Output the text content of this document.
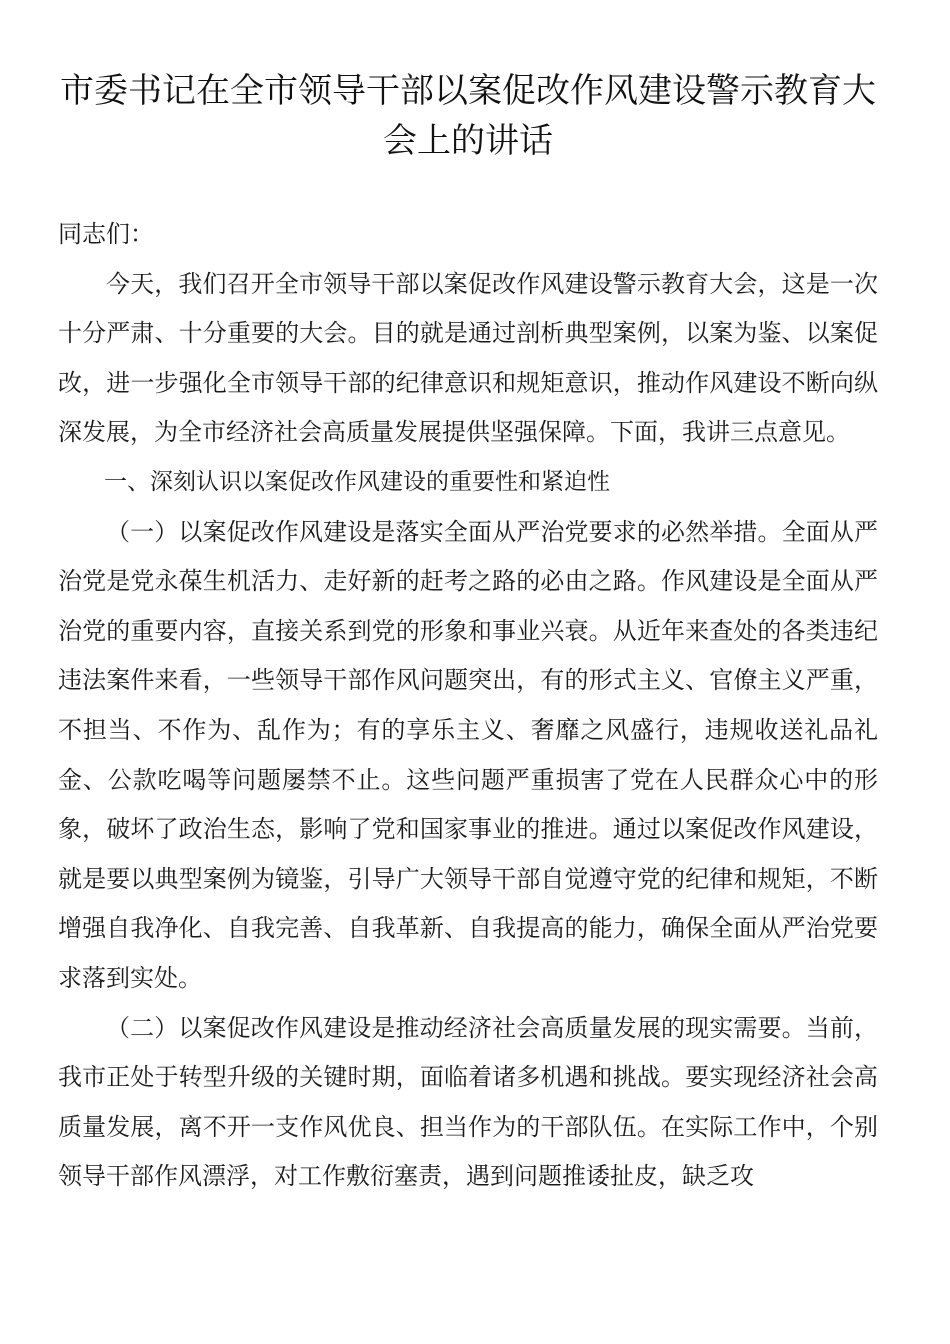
市委书记在全市领导干部以案促改作风建设警示教育大会上的讲话

同志们：

今天，我们召开全市领导干部以案促改作风建设警示教育大会，这是一次十分严肃、十分重要的大会。目的就是通过剖析典型案例，以案为鉴、以案促改，进一步强化全市领导干部的纪律意识和规矩意识，推动作风建设不断向纵深发展，为全市经济社会高质量发展提供坚强保障。下面，我讲三点意见。

一、深刻认识以案促改作风建设的重要性和紧迫性

（一）以案促改作风建设是落实全面从严治党要求的必然举措。全面从严治党是党永葆生机活力、走好新的赶考之路的必由之路。作风建设是全面从严治党的重要内容，直接关系到党的形象和事业兴衰。从近年来查处的各类违纪违法案件来看，一些领导干部作风问题突出，有的形式主义、官僚主义严重，不担当、不作为、乱作为；有的享乐主义、奢靡之风盛行，违规收送礼品礼金、公款吃喝等问题屡禁不止。这些问题严重损害了党在人民群众心中的形象，破坏了政治生态，影响了党和国家事业的推进。通过以案促改作风建设，就是要以典型案例为镜鉴，引导广大领导干部自觉遵守党的纪律和规矩，不断增强自我净化、自我完善、自我革新、自我提高的能力，确保全面从严治党要求落到实处。

（二）以案促改作风建设是推动经济社会高质量发展的现实需要。当前，我市正处于转型升级的关键时期，面临着诸多机遇和挑战。要实现经济社会高质量发展，离不开一支作风优良、担当作为的干部队伍。在实际工作中，个别领导干部作风漂浮，对工作敷衍塞责，遇到问题推诿扯皮，缺乏攻
